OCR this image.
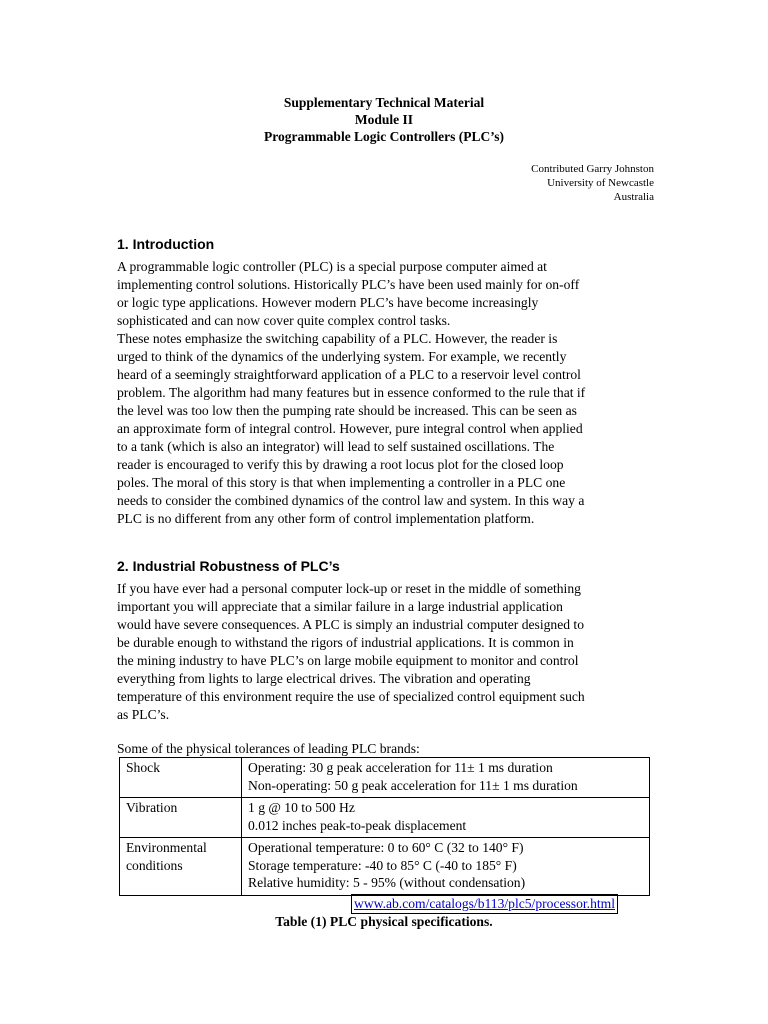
Supplementary Technical Material
Module II
Programmable Logic Controllers (PLC’s)
Contributed Garry Johnston
University of Newcastle
Australia
1. Introduction
A programmable logic controller (PLC) is a special purpose computer aimed at
implementing control solutions. Historically PLC’s have been used mainly for on-off
or logic type applications. However modern PLC’s have become increasingly
sophisticated and can now cover quite complex control tasks.
These notes emphasize the switching capability of a PLC. However, the reader is
urged to think of the dynamics of the underlying system. For example, we recently
heard of a seemingly straightforward application of a PLC to a reservoir level control
problem. The algorithm had many features but in essence conformed to the rule that if
the level was too low then the pumping rate should be increased. This can be seen as
an approximate form of integral control. However, pure integral control when applied
to a tank (which is also an integrator) will lead to self sustained oscillations. The
reader is encouraged to verify this by drawing a root locus plot for the closed loop
poles. The moral of this story is that when implementing a controller in a PLC one
needs to consider the combined dynamics of the control law and system. In this way a
PLC is no different from any other form of control implementation platform.
2. Industrial Robustness of PLC’s
If you have ever had a personal computer lock-up or reset in the middle of something
important you will appreciate that a similar failure in a large industrial application
would have severe consequences. A PLC is simply an industrial computer designed to
be durable enough to withstand the rigors of industrial applications. It is common in
the mining industry to have PLC’s on large mobile equipment to monitor and control
everything from lights to large electrical drives. The vibration and operating
temperature of this environment require the use of specialized control equipment such
as PLC’s.
Some of the physical tolerances of leading PLC brands:
Shock	Operating: 30 g peak acceleration for 11± 1 ms duration
Non-operating: 50 g peak acceleration for 11± 1 ms duration

Vibration	1 g @ 10 to 500 Hz
0.012 inches peak-to-peak displacement

Environmental
conditions	Operational temperature: 0 to 60° C (32 to 140° F)
Storage temperature: -40 to 85° C (-40 to 185° F)
Relative humidity: 5 - 95% (without condensation)
www.ab.com/catalogs/b113/plc5/processor.html
Table (1) PLC physical specifications.
